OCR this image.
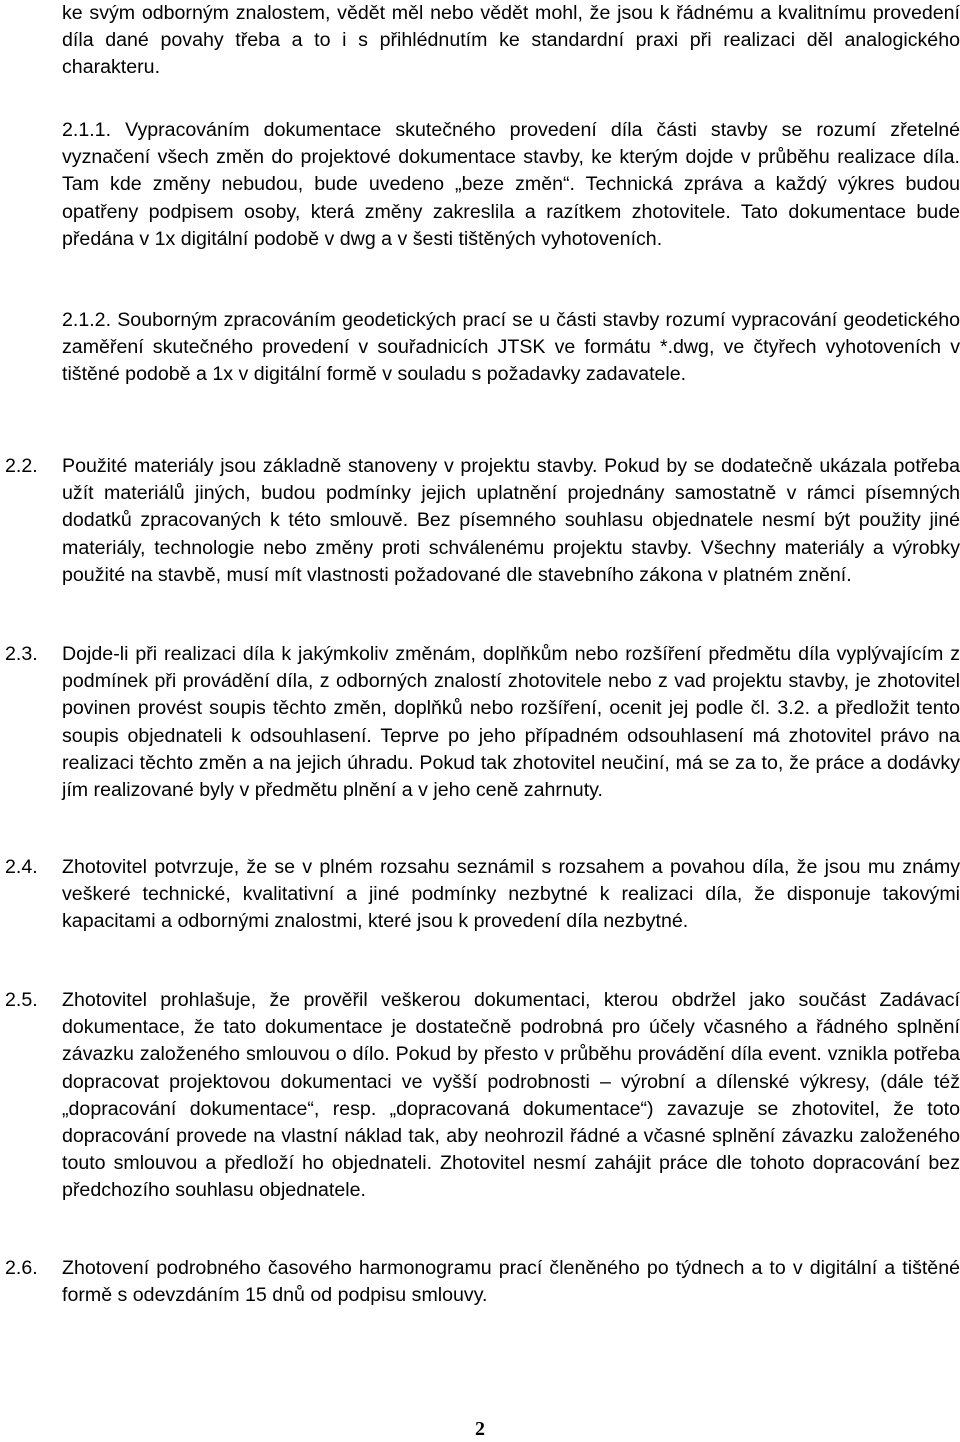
ke svým odborným znalostem, vědět měl nebo vědět mohl, že jsou k řádnému a kvalitnímu provedení díla dané povahy třeba a to i s přihlédnutím ke standardní praxi při realizaci děl analogického charakteru.
2.1.1. Vypracováním dokumentace skutečného provedení díla části stavby se rozumí zřetelné vyznačení všech změn do projektové dokumentace stavby, ke kterým dojde v průběhu realizace díla. Tam kde změny nebudou, bude uvedeno „beze změn“. Technická zpráva a každý výkres budou opatřeny podpisem osoby, která změny zakreslila a razítkem zhotovitele. Tato dokumentace bude předána v 1x digitální podobě v dwg a v šesti tištěných vyhotoveních.
2.1.2. Souborným zpracováním geodetických prací se u části stavby rozumí vypracování geodetického zaměření skutečného provedení v souřadnicích JTSK ve formátu *.dwg, ve čtyřech vyhotoveních v tištěné podobě a 1x v digitální formě v souladu s požadavky zadavatele.
2.2. Použité materiály jsou základně stanoveny v projektu stavby. Pokud by se dodatečně ukázala potřeba užít materiálů jiných, budou podmínky jejich uplatnění projednány samostatně v rámci písemných dodatků zpracovaných k této smlouvě. Bez písemného souhlasu objednatele nesmí být použity jiné materiály, technologie nebo změny proti schválenému projektu stavby. Všechny materiály a výrobky použité na stavbě, musí mít vlastnosti požadované dle stavebního zákona v platném znění.
2.3. Dojde-li při realizaci díla k jakýmkoliv změnám, doplňkům nebo rozšíření předmětu díla vyplývajícím z podmínek při provádění díla, z odborných znalostí zhotovitele nebo z vad projektu stavby, je zhotovitel povinen provést soupis těchto změn, doplňků nebo rozšíření, ocenit jej podle čl. 3.2. a předložit tento soupis objednateli k odsouhlasení. Teprve po jeho případném odsouhlasení má zhotovitel právo na realizaci těchto změn a na jejich úhradu. Pokud tak zhotovitel neučiní, má se za to, že práce a dodávky jím realizované byly v předmětu plnění a v jeho ceně zahrnuty.
2.4. Zhotovitel potvrzuje, že se v plném rozsahu seznámil s rozsahem a povahou díla, že jsou mu známy veškeré technické, kvalitativní a jiné podmínky nezbytné k realizaci díla, že disponuje takovými kapacitami a odbornými znalostmi, které jsou k provedení díla nezbytné.
2.5. Zhotovitel prohlašuje, že prověřil veškerou dokumentaci, kterou obdržel jako součást Zadávací dokumentace, že tato dokumentace je dostatečně podrobná pro účely včasného a řádného splnění závazku založeného smlouvou o dílo. Pokud by přesto v průběhu provádění díla event. vznikla potřeba dopracovat projektovou dokumentaci ve vyšší podrobnosti – výrobní a dílenské výkresy, (dále též „dopracování dokumentace“, resp. „dopracovaná dokumentace“) zavazuje se zhotovitel, že toto dopracování provede na vlastní náklad tak, aby neohrozil řádné a včasné splnění závazku založeného touto smlouvou a předloží ho objednateli. Zhotovitel nesmí zahájit práce dle tohoto dopracování bez předchozího souhlasu objednatele.
2.6. Zhotovení podrobného časového harmonogramu prací členěného po týdnech a to v digitální a tištěné formě s odevzdáním 15 dnů od podpisu smlouvy.
2
